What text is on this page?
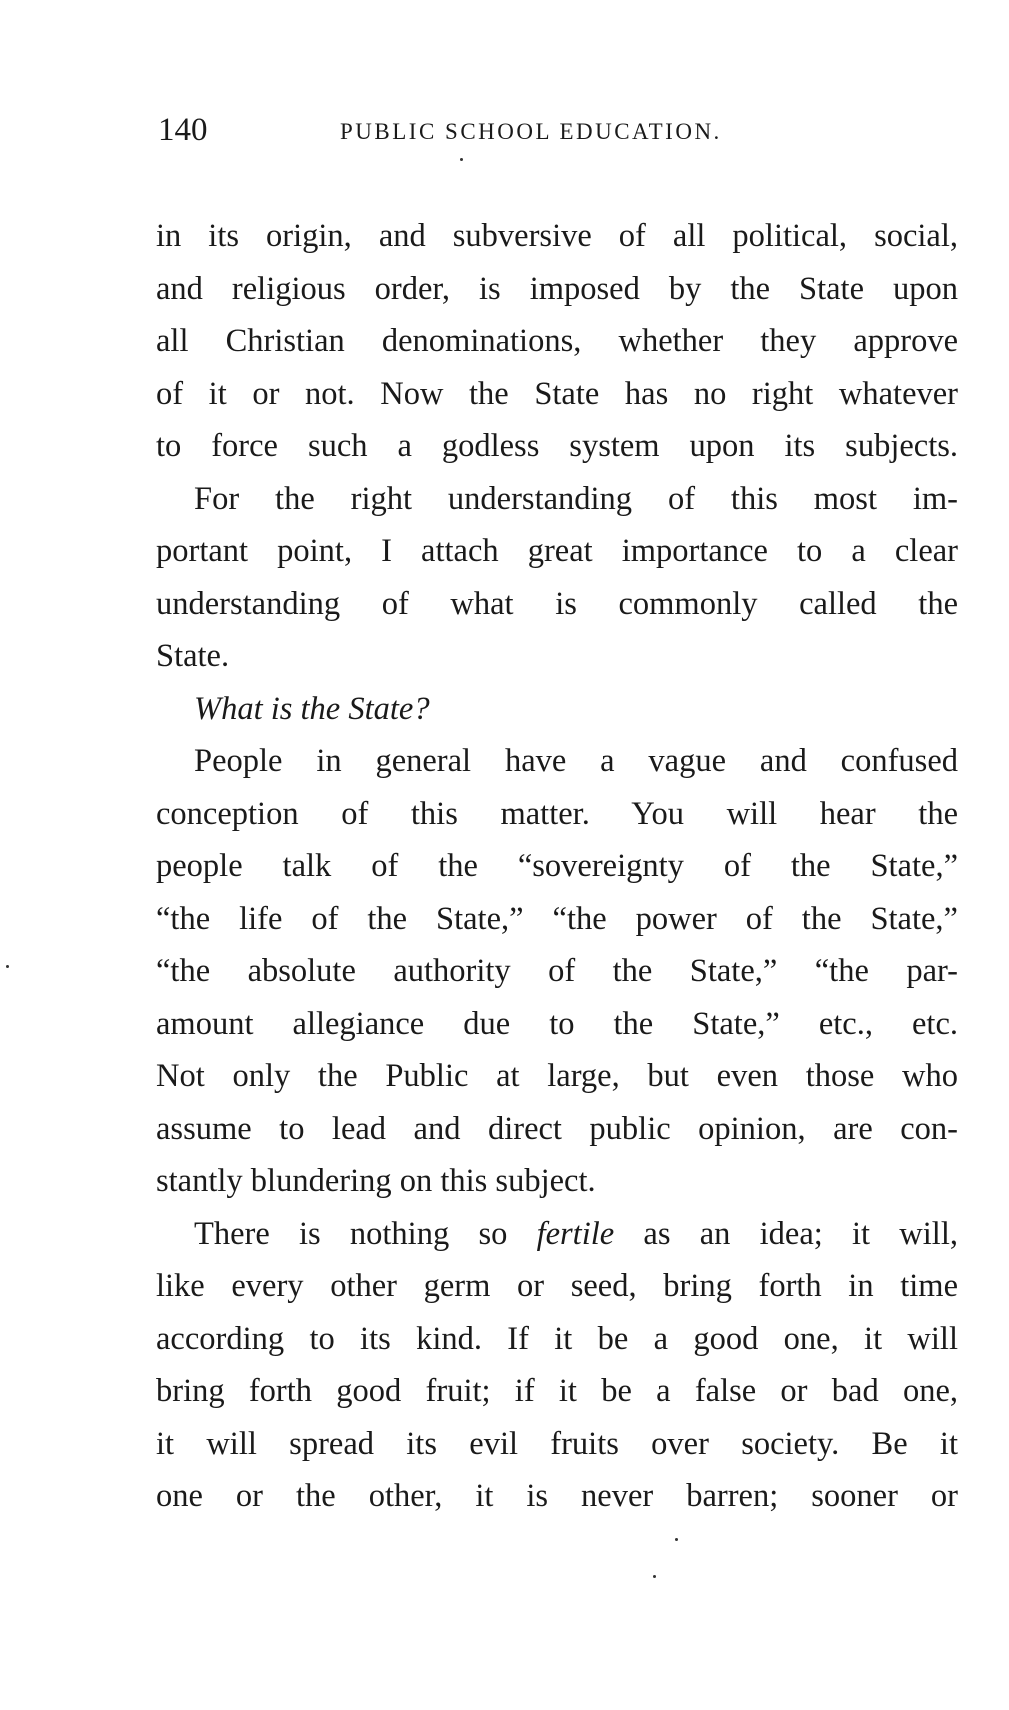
140	PUBLIC SCHOOL EDUCATION.
in its origin, and subversive of all political, social,
and religious order, is imposed by the State upon
all Christian denominations, whether they approve
of it or not. Now the State has no right whatever
to force such a godless system upon its subjects.
For the right understanding of this most im-
portant point, I attach great importance to a clear
understanding of what is commonly called the
State.
What is the State?
People in general have a vague and confused
conception of this matter. You will hear the
people talk of the “sovereignty of the State,”
“the life of the State,” “the power of the State,”
“the absolute authority of the State,” “the par-
amount allegiance due to the State,” etc., etc.
Not only the Public at large, but even those who
assume to lead and direct public opinion, are con-
stantly blundering on this subject.
There is nothing so fertile as an idea; it will,
like every other germ or seed, bring forth in time
according to its kind. If it be a good one, it will
bring forth good fruit; if it be a false or bad one,
it will spread its evil fruits over society. Be it
one or the other, it is never barren; sooner or
